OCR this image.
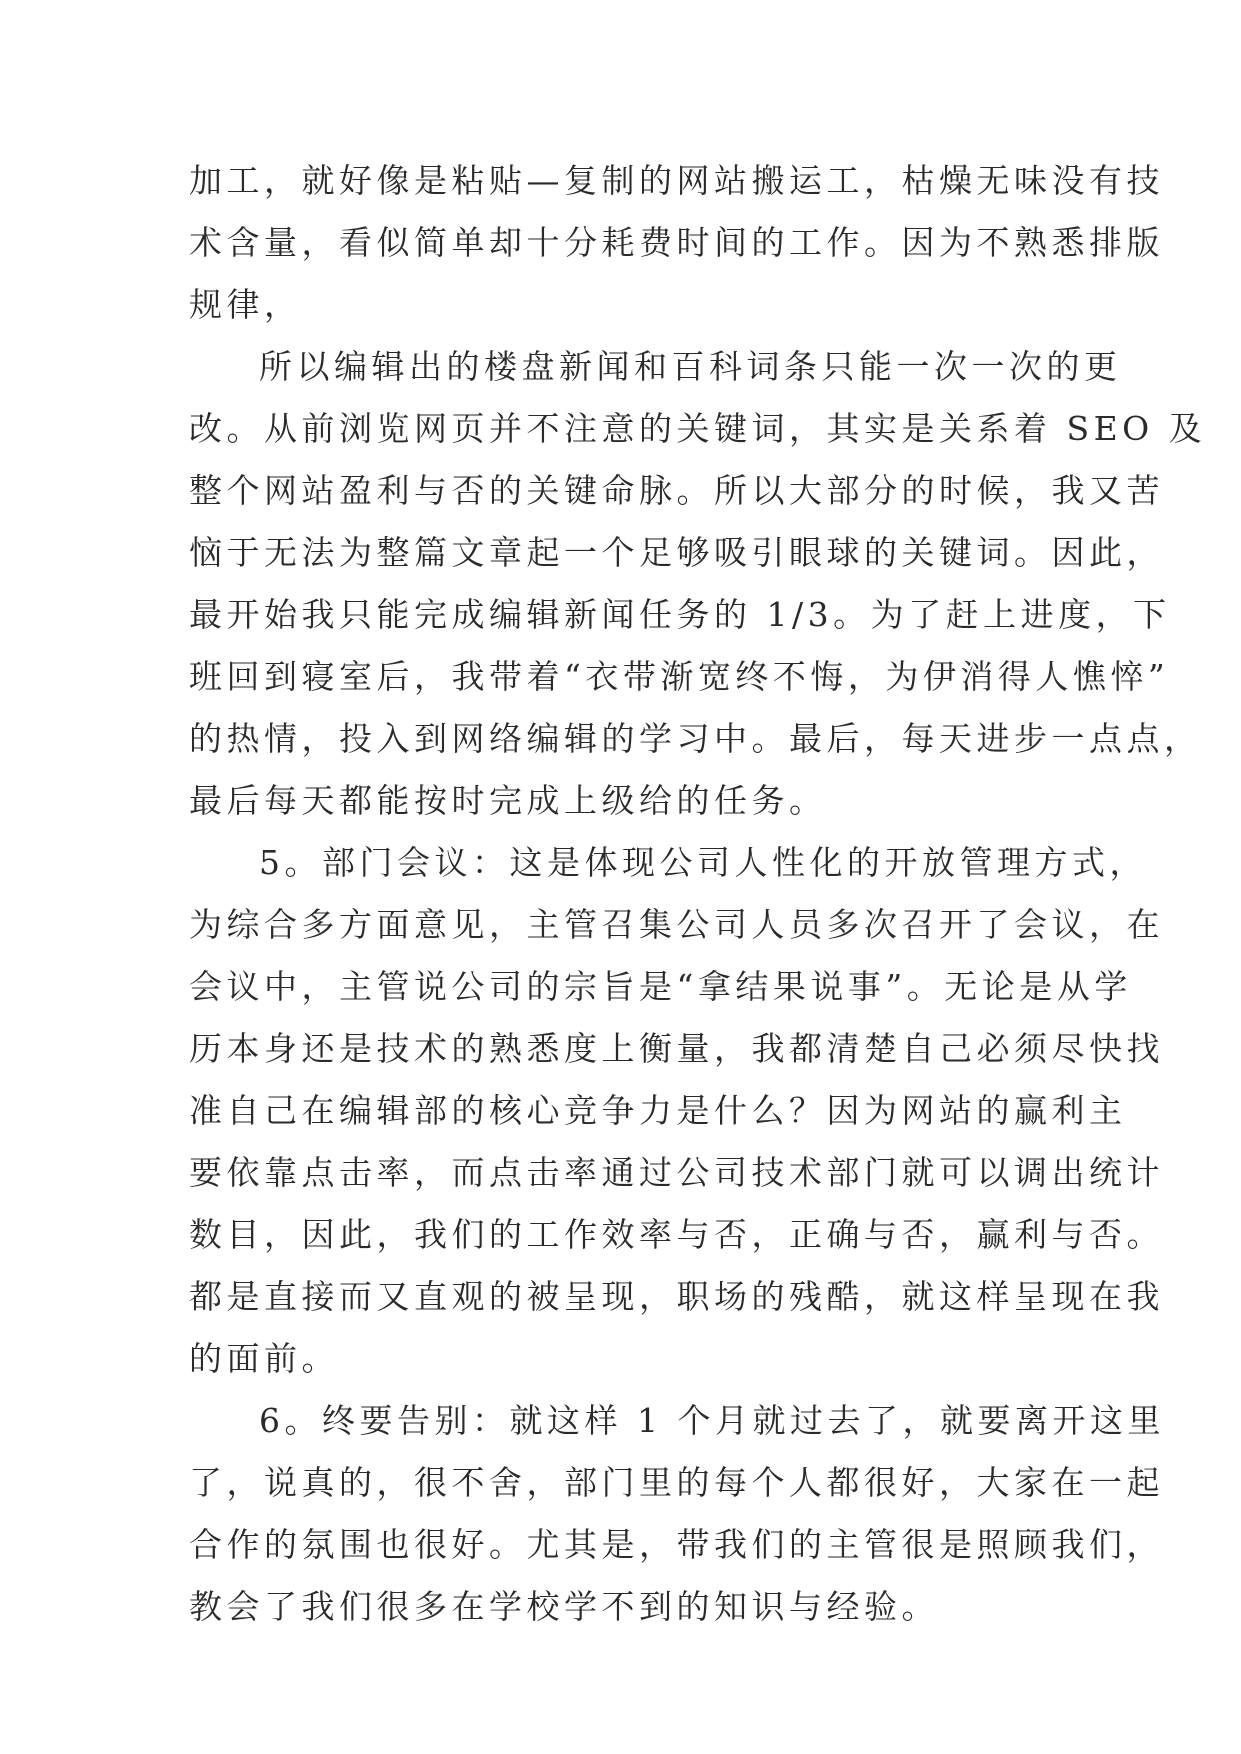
加工，就好像是粘贴—复制的网站搬运工，枯燥无味没有技
术含量，看似简单却十分耗费时间的工作。因为不熟悉排版
规律，
所以编辑出的楼盘新闻和百科词条只能一次一次的更
改。从前浏览网页并不注意的关键词，其实是关系着 SEO 及
整个网站盈利与否的关键命脉。所以大部分的时候，我又苦
恼于无法为整篇文章起一个足够吸引眼球的关键词。因此，
最开始我只能完成编辑新闻任务的 1/3。为了赶上进度，下
班回到寝室后，我带着“衣带渐宽终不悔，为伊消得人憔悴”
的热情，投入到网络编辑的学习中。最后，每天进步一点点，
最后每天都能按时完成上级给的任务。
5。部门会议：这是体现公司人性化的开放管理方式，
为综合多方面意见，主管召集公司人员多次召开了会议，在
会议中，主管说公司的宗旨是“拿结果说事”。无论是从学
历本身还是技术的熟悉度上衡量，我都清楚自己必须尽快找
准自己在编辑部的核心竞争力是什么？因为网站的赢利主
要依靠点击率，而点击率通过公司技术部门就可以调出统计
数目，因此，我们的工作效率与否，正确与否，赢利与否。
都是直接而又直观的被呈现，职场的残酷，就这样呈现在我
的面前。
6。终要告别：就这样 1 个月就过去了，就要离开这里
了，说真的，很不舍，部门里的每个人都很好，大家在一起
合作的氛围也很好。尤其是，带我们的主管很是照顾我们，
教会了我们很多在学校学不到的知识与经验。
